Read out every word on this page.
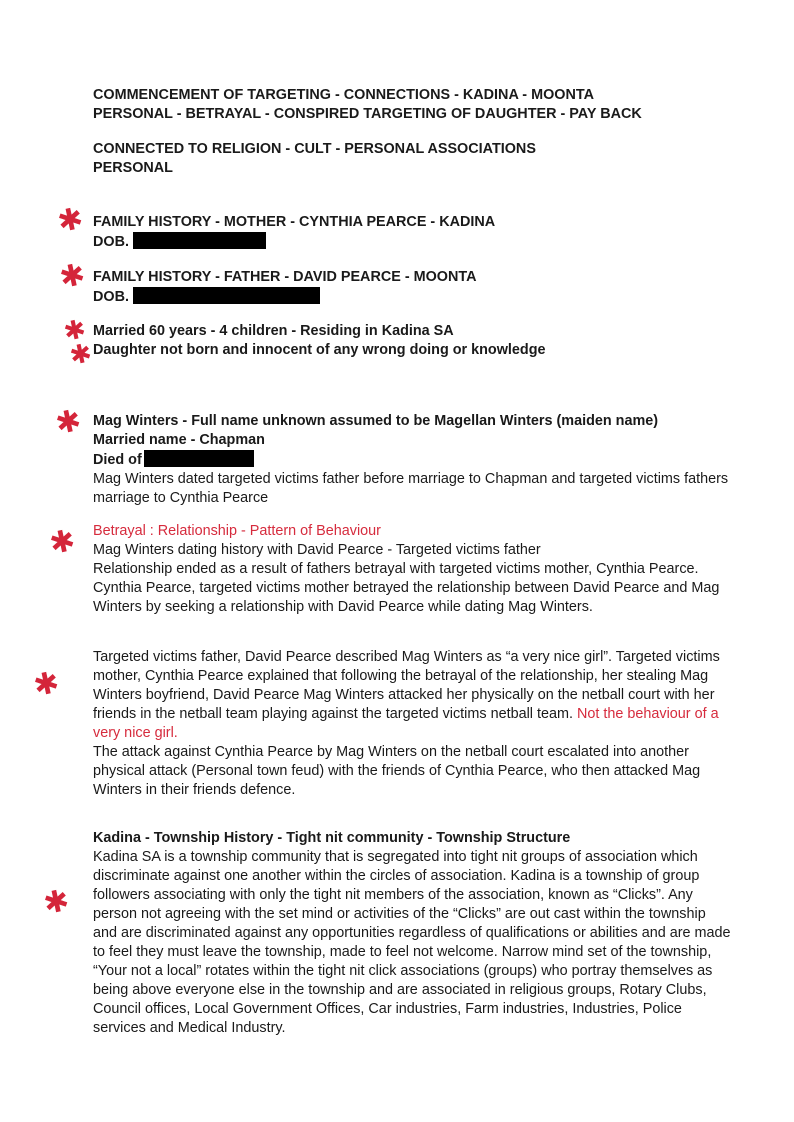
COMMENCEMENT OF TARGETING - CONNECTIONS - KADINA - MOONTA
PERSONAL - BETRAYAL - CONSPIRED TARGETING OF DAUGHTER - PAY BACK
CONNECTED TO RELIGION - CULT - PERSONAL ASSOCIATIONS
PERSONAL
FAMILY HISTORY - MOTHER - CYNTHIA PEARCE - KADINA
DOB.
FAMILY HISTORY - FATHER - DAVID PEARCE - MOONTA
DOB.
Married 60 years - 4 children - Residing in Kadina SA
Daughter not born and innocent of any wrong doing or knowledge
Mag Winters - Full name unknown assumed to be Magellan Winters (maiden name)
Married name - Chapman
Died of
Mag Winters dated targeted victims father before marriage to Chapman and targeted victims fathers marriage to Cynthia Pearce
Betrayal : Relationship - Pattern of Behaviour
Mag Winters dating history with David Pearce - Targeted victims father
Relationship ended as a result of fathers betrayal with targeted victims mother, Cynthia Pearce. Cynthia Pearce, targeted victims mother betrayed the relationship between David Pearce and Mag Winters by seeking a relationship with David Pearce while dating Mag Winters.
Targeted victims father, David Pearce described Mag Winters as “a very nice girl”. Targeted victims mother, Cynthia Pearce explained that following the betrayal of the relationship, her stealing Mag Winters boyfriend, David Pearce Mag Winters attacked her physically on the netball court with her friends in the netball team playing against the targeted victims netball team. Not the behaviour of a very nice girl.
The attack against Cynthia Pearce by Mag Winters on the netball court escalated into another physical attack (Personal town feud) with the friends of Cynthia Pearce, who then attacked Mag Winters in their friends defence.
Kadina - Township History - Tight nit community - Township Structure
Kadina SA is a township community that is segregated into tight nit groups of association which discriminate against one another within the circles of association. Kadina is a township of group followers associating with only the tight nit members of the association, known as “Clicks”. Any person not agreeing with the set mind or activities of the “Clicks” are out cast within the township and are discriminated against any opportunities regardless of qualifications or abilities and are made to feel they must leave the township, made to feel not welcome. Narrow mind set of the township, “Your not a local” rotates within the tight nit click associations (groups) who portray themselves as being above everyone else in the township and are associated in religious groups, Rotary Clubs, Council offices, Local Government Offices, Car industries, Farm industries, Industries, Police services and Medical Industry.
✱
✱
✱
✱
✱
✱
✱
✱
